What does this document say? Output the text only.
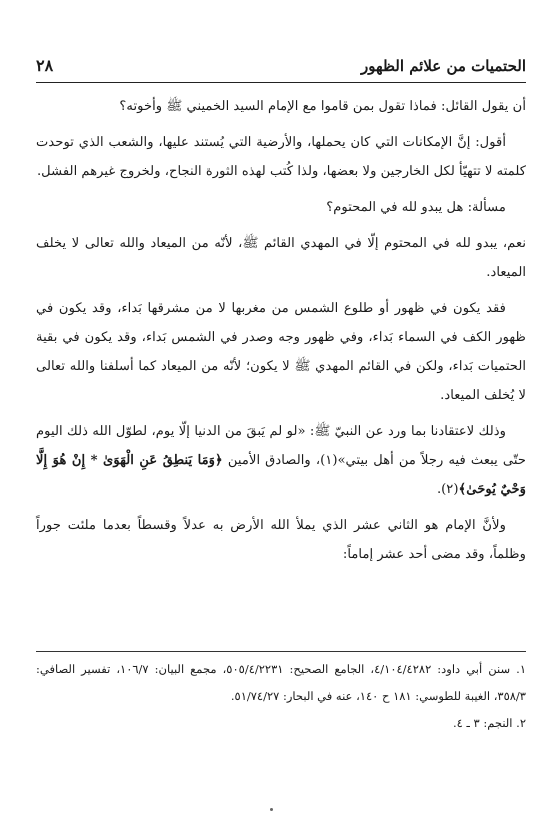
الحتميات من علائم الظهور
٢٨

أن يقول القائل: فماذا تقول بمن قاموا مع الإمام السيد الخميني ﷺ وأخوته؟

أقول: إنَّ الإمكانات التي كان يحملها، والأرضية التي يُستند عليها، والشعب الذي توحدت كلمته لا تتهيّأ لكل الخارجين ولا بعضها، ولذا كُتب لهذه الثورة النجاح، ولخروج غيرهم الفشل.

مسألة: هل يبدو لله في المحتوم؟

نعم، يبدو لله في المحتوم إلّا في المهدي القائم ﷺ، لأنّه من الميعاد والله تعالى لا يخلف الميعاد.

فقد يكون في ظهور أو طلوع الشمس من مغربها لا من مشرقها بَداء، وقد يكون في ظهور الكف في السماء بَداء، وفي ظهور وجه وصدر في الشمس بَداء، وقد يكون في بقية الحتميات بَداء، ولكن في القائم المهدي ﷺ لا يكون؛ لأنّه من الميعاد كما أسلفنا والله تعالى لا يُخلف الميعاد.

وذلك لاعتقادنا بما ورد عن النبيّ ﷺ: «لو لم يَبقَ من الدنيا إلّا يوم، لطوّل الله ذلك اليوم حتّى يبعث فيه رجلاً من أهل بيتي»(١)، والصادق الأمين ﴿وَمَا يَنطِقُ عَنِ الْهَوَىٰ * إِنْ هُوَ إِلَّا وَحْيٌ يُوحَىٰ﴾(٢).

ولأنَّ الإمام هو الثاني عشر الذي يملأ الله الأرض به عدلاً وقسطاً بعدما ملئت جوراً وظلماً، وقد مضى أحد عشر إماماً:

١. سنن أبي داود: ٤/١٠٤/٤٢٨٢، الجامع الصحيح: ٥٠٥/٤/٢٢٣١، مجمع البيان: ١٠٦/٧، تفسير الصافي: ٣٥٨/٣، الغيبة للطوسي: ١٨١ ح ١٤٠، عنه في البحار: ٥١/٧٤/٢٧.

٢. النجم: ٣ ـ ٤.
